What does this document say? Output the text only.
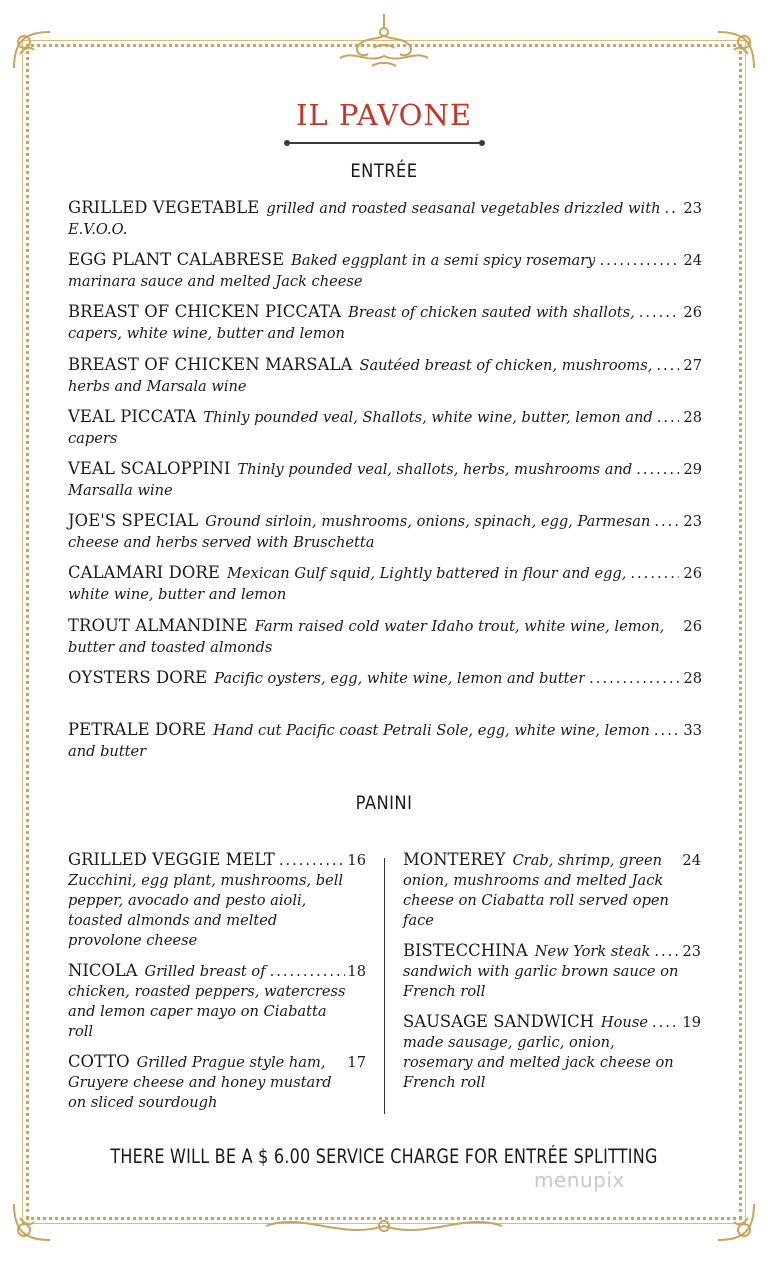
IL PAVONE
ENTRÉE
GRILLED VEGETABLE grilled and roasted seasanal vegetables drizzled with ..... 23
E.V.O.O.
EGG PLANT CALABRESE Baked eggplant in a semi spicy rosemary .....	24
marinara sauce and melted Jack cheese
BREAST OF CHICKEN PICCATA Breast of chicken sauted with shallots, .....	26
capers, white wine, butter and lemon
BREAST OF CHICKEN MARSALA Sautéed breast of chicken, mushrooms, ..... 27
herbs and Marsala wine
VEAL PICCATA Thinly pounded veal, Shallots, white wine, butter, lemon and ..... 28
capers
VEAL SCALOPPINI Thinly pounded veal, shallots, herbs, mushrooms and .....	29
Marsalla wine
JOE'S SPECIAL Ground sirloin, mushrooms, onions, spinach, egg, Parmesan ..... 23
cheese and herbs served with Bruschetta
CALAMARI DORE Mexican Gulf squid, Lightly battered in flour and egg, .....	26
white wine, butter and lemon
TROUT ALMANDINE Farm raised cold water Idaho trout, white wine, lemon, 26
butter and toasted almonds
OYSTERS DORE Pacific oysters, egg, white wine, lemon and butter .....	28
PETRALE DORE Hand cut Pacific coast Petrali Sole, egg, white wine, lemon ..... 33
and butter
PANINI
GRILLED VEGGIE MELT .....	16
Zucchini, egg plant, mushrooms, bell
pepper, avocado and pesto aioli,
toasted almonds and melted
provolone cheese
NICOLA Grilled breast of .....	18
chicken, roasted peppers, watercress
and lemon caper mayo on Ciabatta
roll
COTTO Grilled Prague style ham, 17
Gruyere cheese and honey mustard
on sliced sourdough
MONTEREY Crab, shrimp, green 24
onion, mushrooms and melted Jack
cheese on Ciabatta roll served open
face
BISTECCHINA New York steak ..... 23
sandwich with garlic brown sauce on
French roll
SAUSAGE SANDWICH House ..... 19
made sausage, garlic, onion,
rosemary and melted jack cheese on
French roll
THERE WILL BE A $ 6.00 SERVICE CHARGE FOR ENTRÉE SPLITTING
menupix
